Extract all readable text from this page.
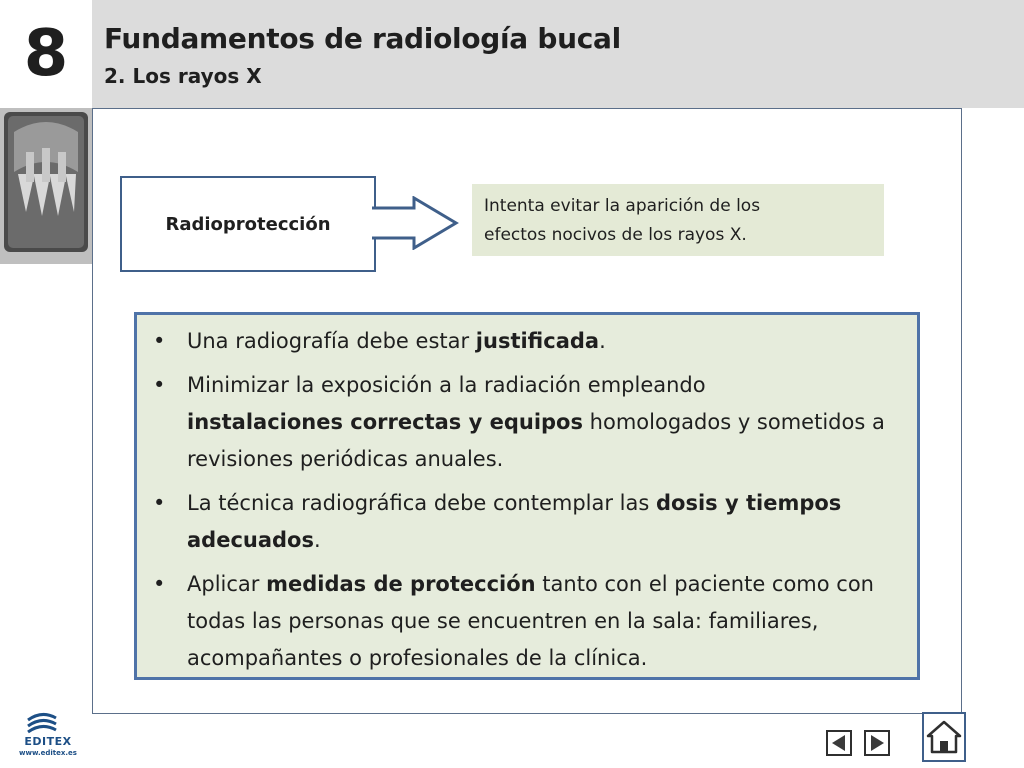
8	Fundamentos de radiología bucal
2. Los rayos X
Radioprotección
Intenta evitar la aparición de los
efectos nocivos de los rayos X.
• Una radiografía debe estar justificada.
• Minimizar la exposición a la radiación empleando
instalaciones correctas y equipos homologados y sometidos a revisiones periódicas anuales.
• La técnica radiográfica debe contemplar las dosis y tiempos adecuados.
• Aplicar medidas de protección tanto con el paciente como con todas las personas que se encuentren en la sala: familiares, acompañantes o profesionales de la clínica.
EDITEX
www.editex.es
